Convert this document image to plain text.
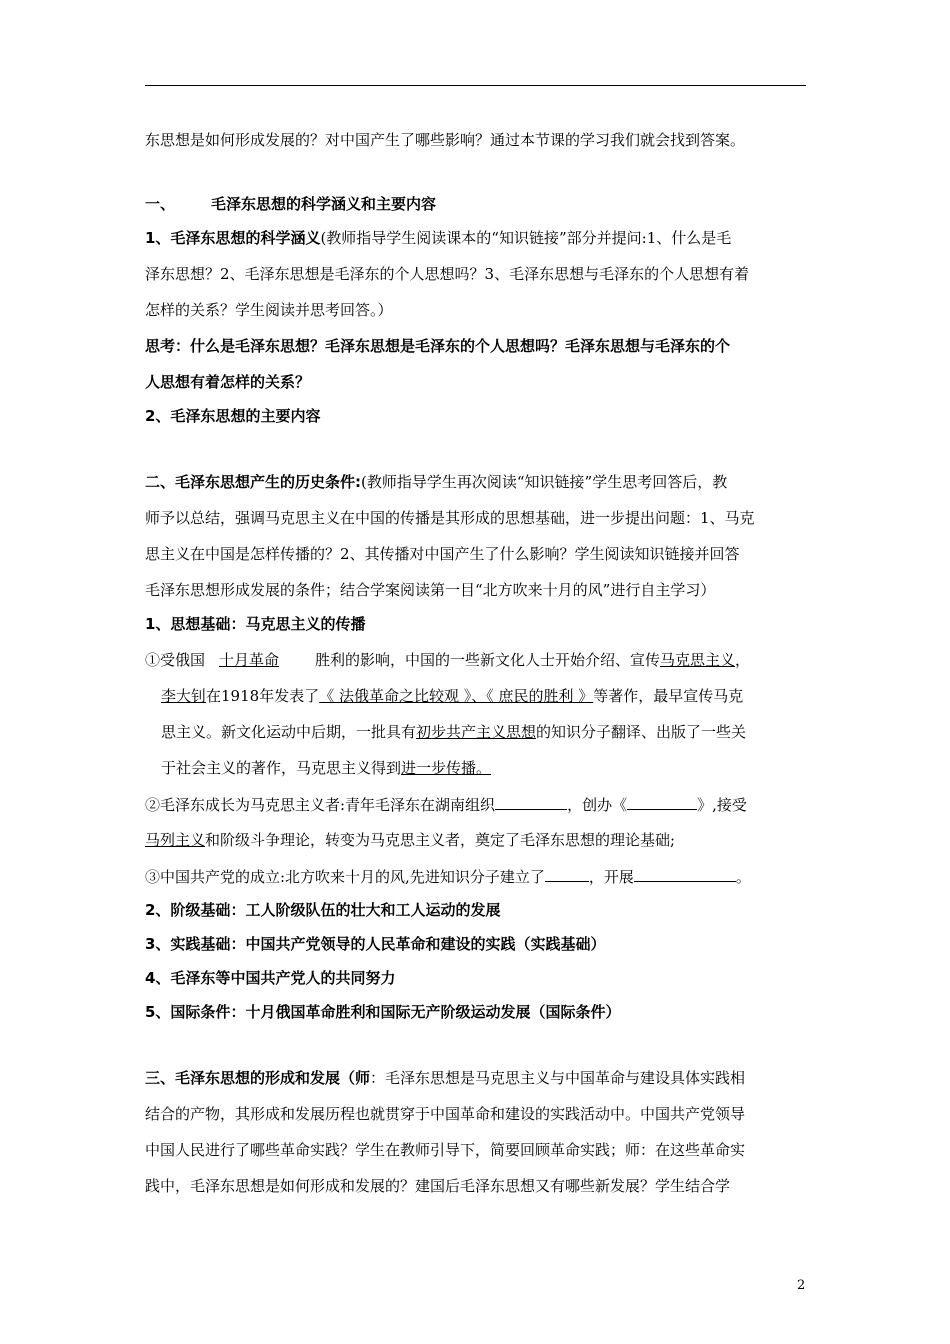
东思想是如何形成发展的？对中国产生了哪些影响？通过本节课的学习我们就会找到答案。
一、 毛泽东思想的科学涵义和主要内容
1、毛泽东思想的科学涵义(教师指导学生阅读课本的“知识链接”部分并提问:1、什么是毛
泽东思想？2、毛泽东思想是毛泽东的个人思想吗？3、毛泽东思想与毛泽东的个人思想有着
怎样的关系？学生阅读并思考回答。）
思考：什么是毛泽东思想？毛泽东思想是毛泽东的个人思想吗？毛泽东思想与毛泽东的个
人思想有着怎样的关系？
2、毛泽东思想的主要内容
二、毛泽东思想产生的历史条件:(教师指导学生再次阅读“知识链接”学生思考回答后，教
师予以总结，强调马克思主义在中国的传播是其形成的思想基础，进一步提出问题：1、马克
思主义在中国是怎样传播的？2、其传播对中国产生了什么影响？学生阅读知识链接并回答
毛泽东思想形成发展的条件；结合学案阅读第一目“北方吹来十月的风”进行自主学习）
1、思想基础：马克思主义的传播
①受俄国 十月革命 胜利的影响，中国的一些新文化人士开始介绍、宣传马克思主义，
李大钊在1918年发表了《 法俄革命之比较观 》、《 庶民的胜利 》等著作，最早宣传马克
思主义。新文化运动中后期，一批具有初步共产主义思想的知识分子翻译、出版了一些关
于社会主义的著作，马克思主义得到进一步传播。
②毛泽东成长为马克思主义者:青年毛泽东在湖南组织	，创办《	》,接受
马列主义和阶级斗争理论，转变为马克思主义者，奠定了毛泽东思想的理论基础;
③中国共产党的成立:北方吹来十月的风,先进知识分子建立了	，开展	。
2、阶级基础：工人阶级队伍的壮大和工人运动的发展
3、实践基础：中国共产党领导的人民革命和建设的实践（实践基础）
4、毛泽东等中国共产党人的共同努力
5、国际条件：十月俄国革命胜利和国际无产阶级运动发展（国际条件）
三、毛泽东思想的形成和发展（师：毛泽东思想是马克思主义与中国革命与建设具体实践相
结合的产物，其形成和发展历程也就贯穿于中国革命和建设的实践活动中。中国共产党领导
中国人民进行了哪些革命实践？学生在教师引导下，简要回顾革命实践；师：在这些革命实
践中，毛泽东思想是如何形成和发展的？建国后毛泽东思想又有哪些新发展？学生结合学
2
